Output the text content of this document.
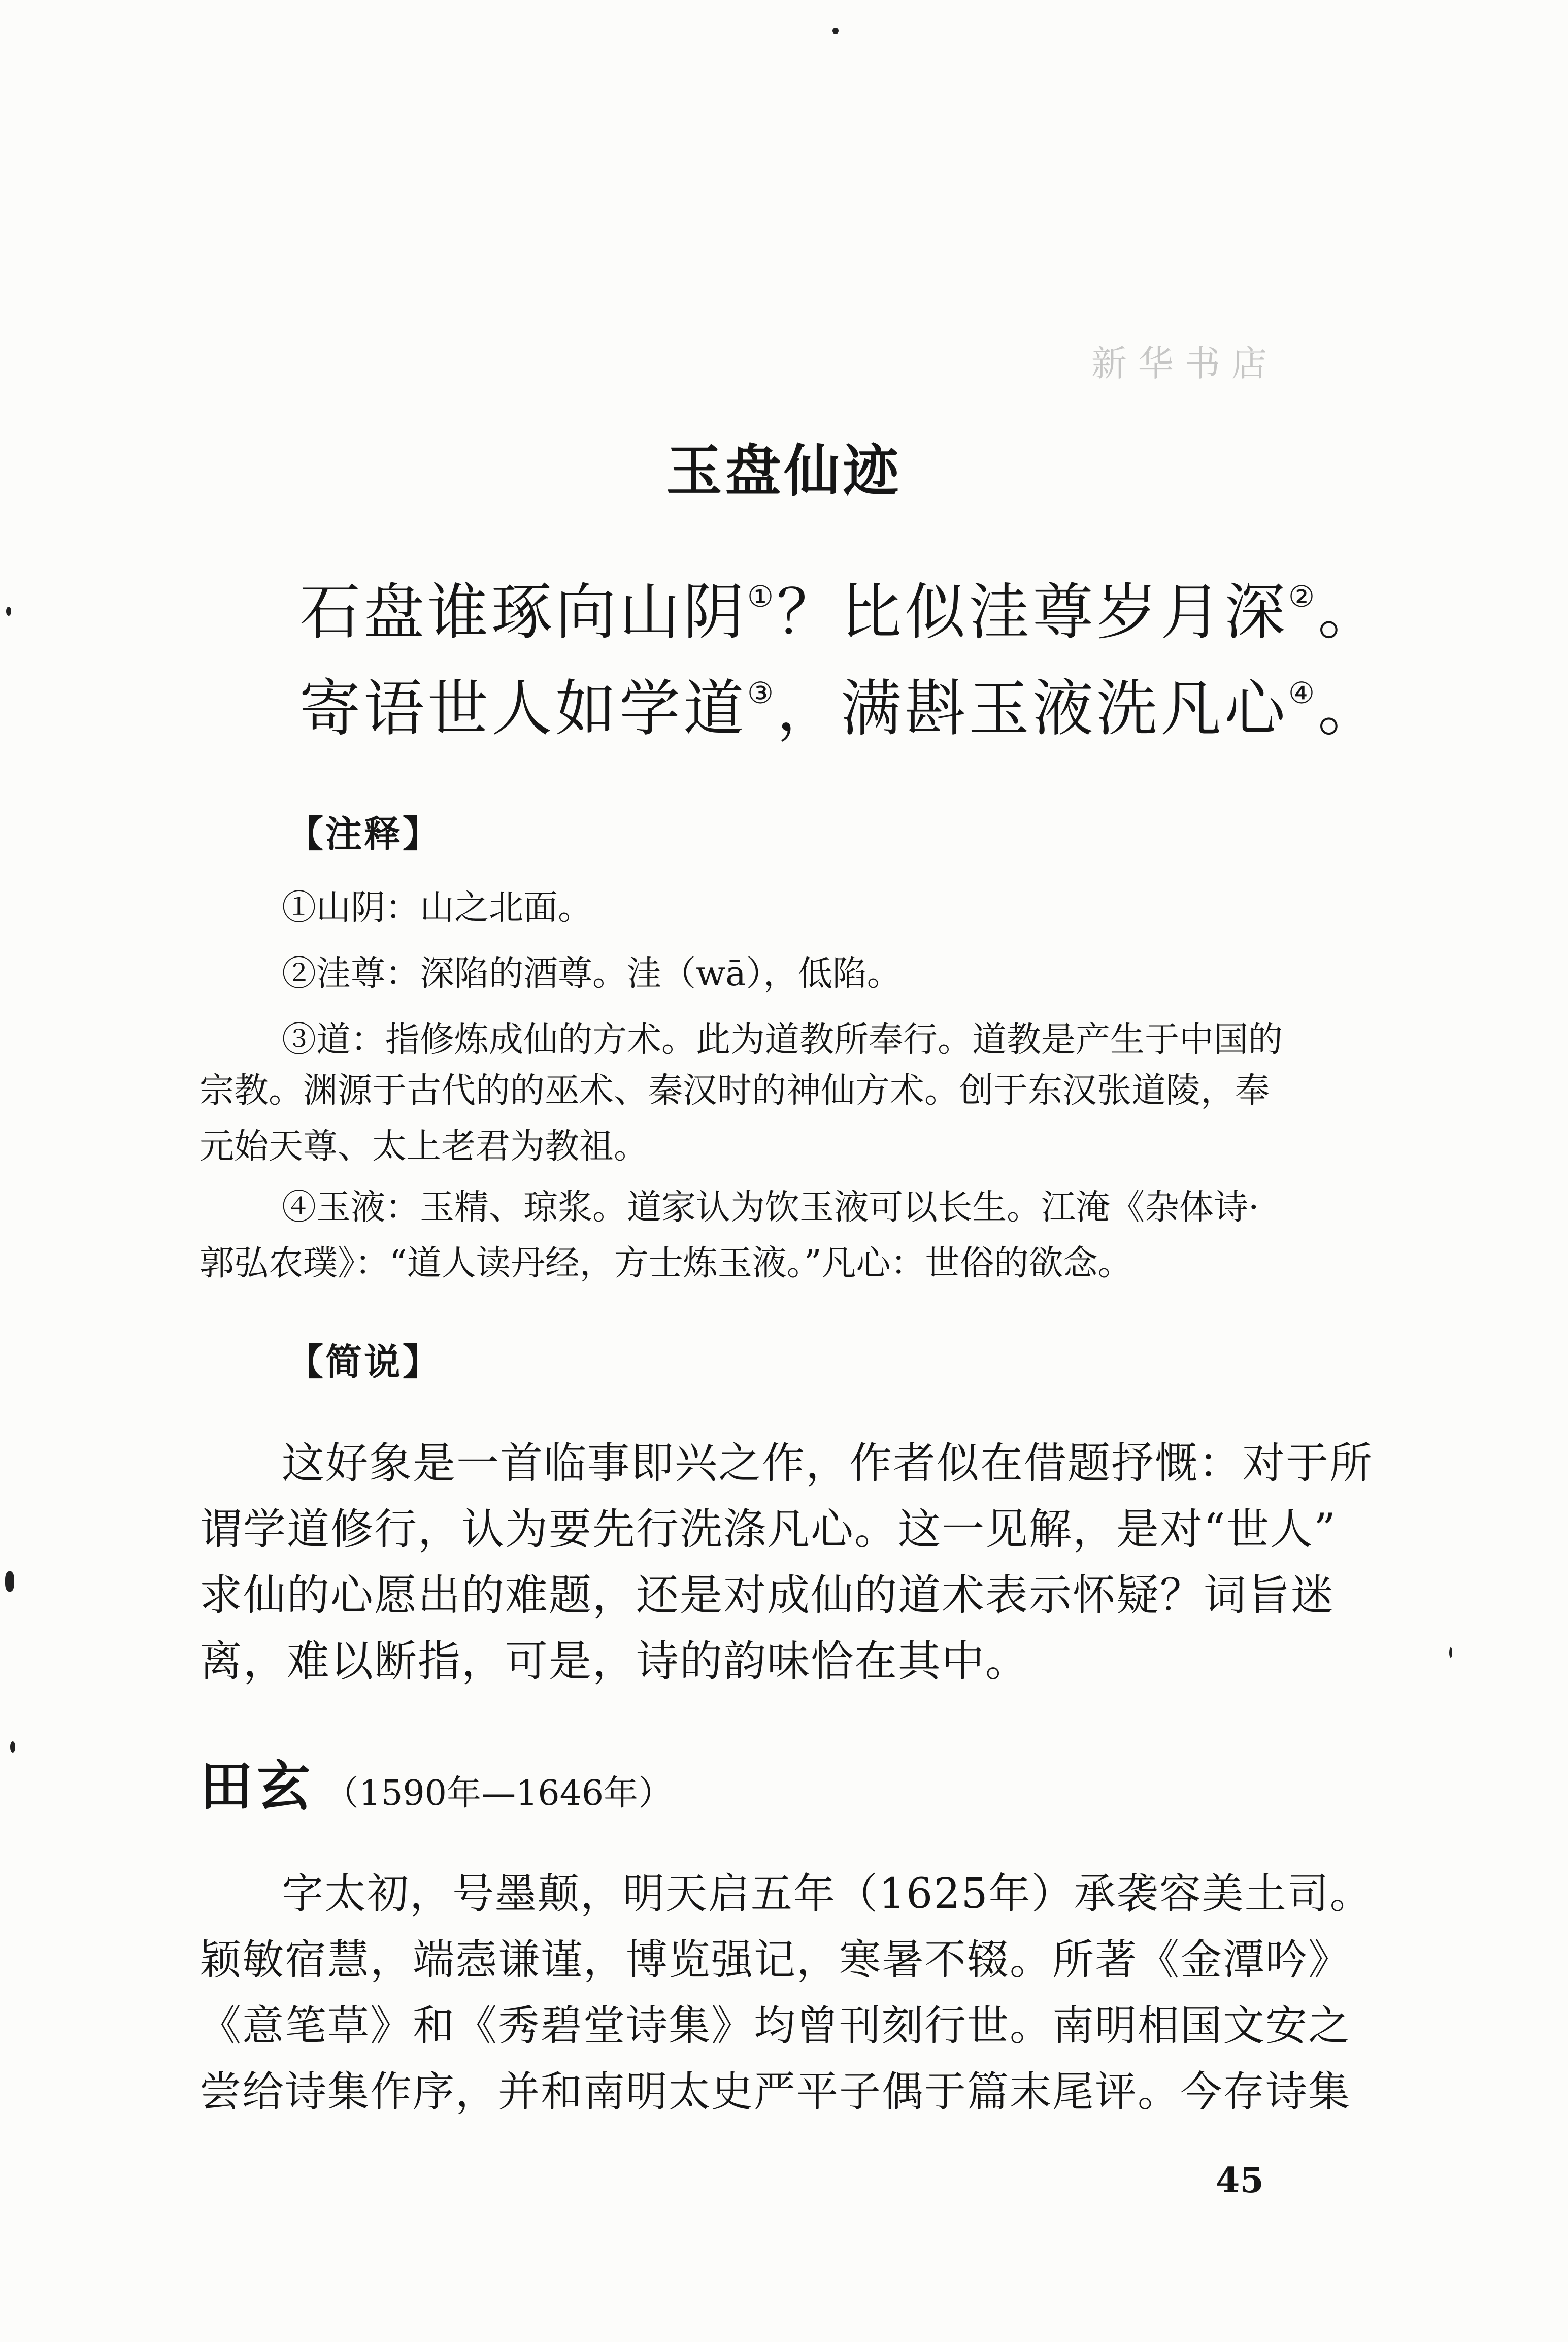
新华书店
玉盘仙迹
石盘谁琢向山阴①？比似洼尊岁月深②。
寄语世人如学道③，满斟玉液洗凡心④。
【注释】
①山阴：山之北面。
②洼尊：深陷的酒尊。洼（wā），低陷。
③道：指修炼成仙的方术。此为道教所奉行。道教是产生于中国的
宗教。渊源于古代的的巫术、秦汉时的神仙方术。创于东汉张道陵，奉
元始天尊、太上老君为教祖。
④玉液：玉精、琼浆。道家认为饮玉液可以长生。江淹《杂体诗·
郭弘农璞》：“道人读丹经，方士炼玉液。”凡心：世俗的欲念。
【简说】
这好象是一首临事即兴之作，作者似在借题抒慨：对于所
谓学道修行，认为要先行洗涤凡心。这一见解，是对“世人”
求仙的心愿出的难题，还是对成仙的道术表示怀疑？词旨迷
离，难以断指，可是，诗的韵味恰在其中。
田玄 （1590年—1646年）
字太初，号墨颠，明天启五年（1625年）承袭容美土司。
颖敏宿慧，端悫谦谨，博览强记，寒暑不辍。所著《金潭吟》
《意笔草》和《秀碧堂诗集》均曾刊刻行世。南明相国文安之
尝给诗集作序，并和南明太史严平子偶于篇末尾评。今存诗集
45
